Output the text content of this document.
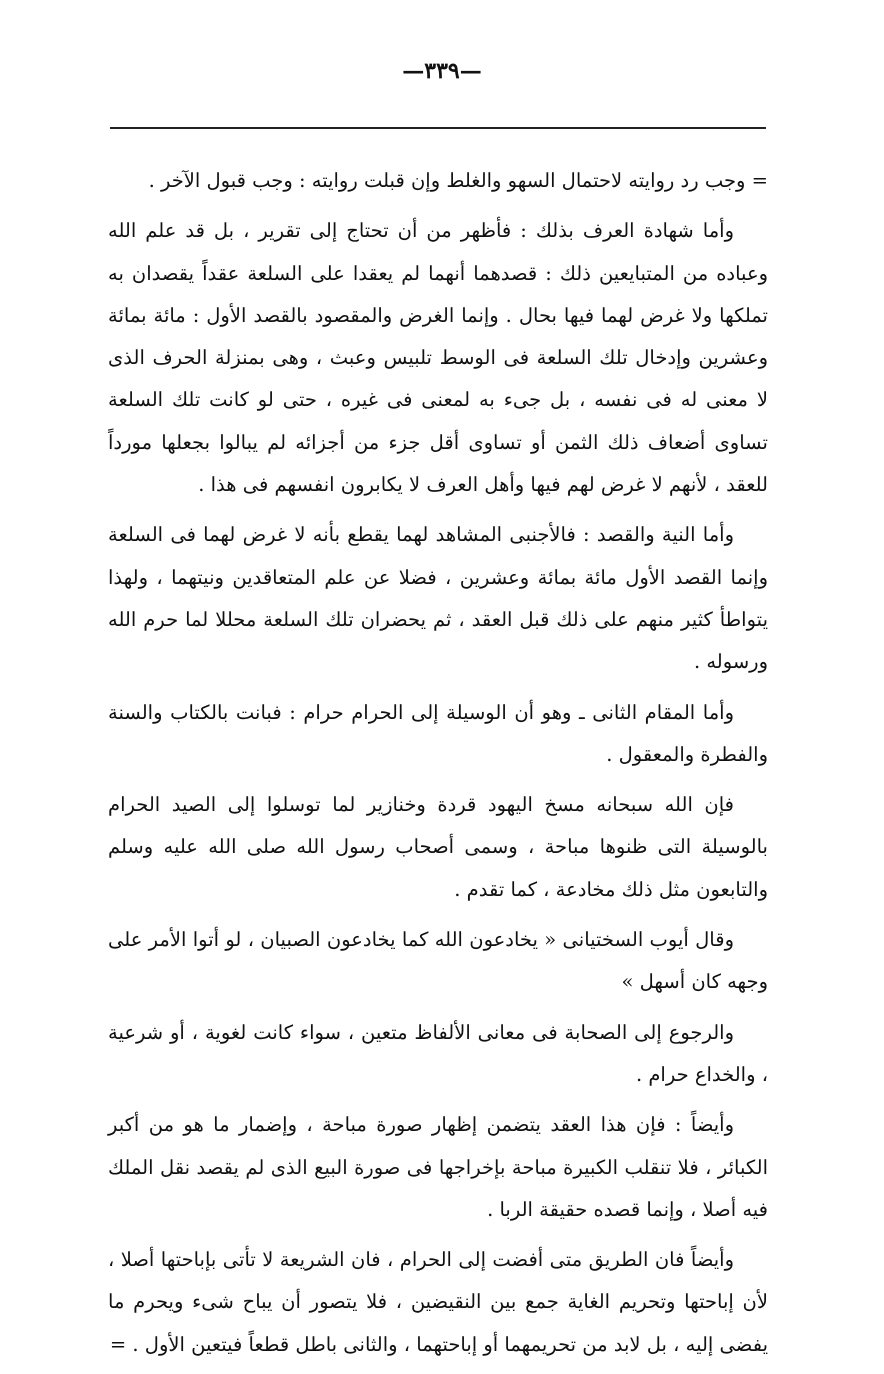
—٣٣٩—

= وجب رد روايته لاحتمال السهو والغلط وإن قبلت روايته : وجب قبول الآخر .

وأما شهادة العرف بذلك : فأظهر من أن تحتاج إلى تقرير ، بل قد علم الله وعباده من المتبايعين ذلك : قصدهما أنهما لم يعقدا على السلعة عقداً يقصدان به تملكها ولا غرض لهما فيها بحال . وإنما الغرض والمقصود بالقصد الأول : مائة بمائة وعشرين وإدخال تلك السلعة فى الوسط تلبيس وعبث ، وهى بمنزلة الحرف الذى لا معنى له فى نفسه ، بل جىء به لمعنى فى غيره ، حتى لو كانت تلك السلعة تساوى أضعاف ذلك الثمن أو تساوى أقل جزء من أجزائه لم يبالوا بجعلها مورداً للعقد ، لأنهم لا غرض لهم فيها وأهل العرف لا يكابرون انفسهم فى هذا .

وأما النية والقصد : فالأجنبى المشاهد لهما يقطع بأنه لا غرض لهما فى السلعة وإنما القصد الأول مائة بمائة وعشرين ، فضلا عن علم المتعاقدين ونيتهما ، ولهذا يتواطأ كثير منهم على ذلك قبل العقد ، ثم يحضران تلك السلعة محللا لما حرم الله ورسوله .

وأما المقام الثانى ـ وهو أن الوسيلة إلى الحرام حرام : فبانت بالكتاب والسنة والفطرة والمعقول .

فإن الله سبحانه مسخ اليهود قردة وخنازير لما توسلوا إلى الصيد الحرام بالوسيلة التى ظنوها مباحة ، وسمى أصحاب رسول الله صلى الله عليه وسلم والتابعون مثل ذلك مخادعة ، كما تقدم .

وقال أيوب السختيانى « يخادعون الله كما يخادعون الصبيان ، لو أتوا الأمر على وجهه كان أسهل »

والرجوع إلى الصحابة فى معانى الألفاظ متعين ، سواء كانت لغوية ، أو شرعية ، والخداع حرام .

وأيضاً : فإن هذا العقد يتضمن إظهار صورة مباحة ، وإضمار ما هو من أكبر الكبائر ، فلا تنقلب الكبيرة مباحة بإخراجها فى صورة البيع الذى لم يقصد نقل الملك فيه أصلا ، وإنما قصده حقيقة الربا .

وأيضاً فان الطريق متى أفضت إلى الحرام ، فان الشريعة لا تأتى بإباحتها أصلا ، لأن إباحتها وتحريم الغاية جمع بين النقيضين ، فلا يتصور أن يباح شىء ويحرم ما يفضى إليه ، بل لابد من تحريمهما أو إباحتهما ، والثانى باطل قطعاً فيتعين الأول . =
